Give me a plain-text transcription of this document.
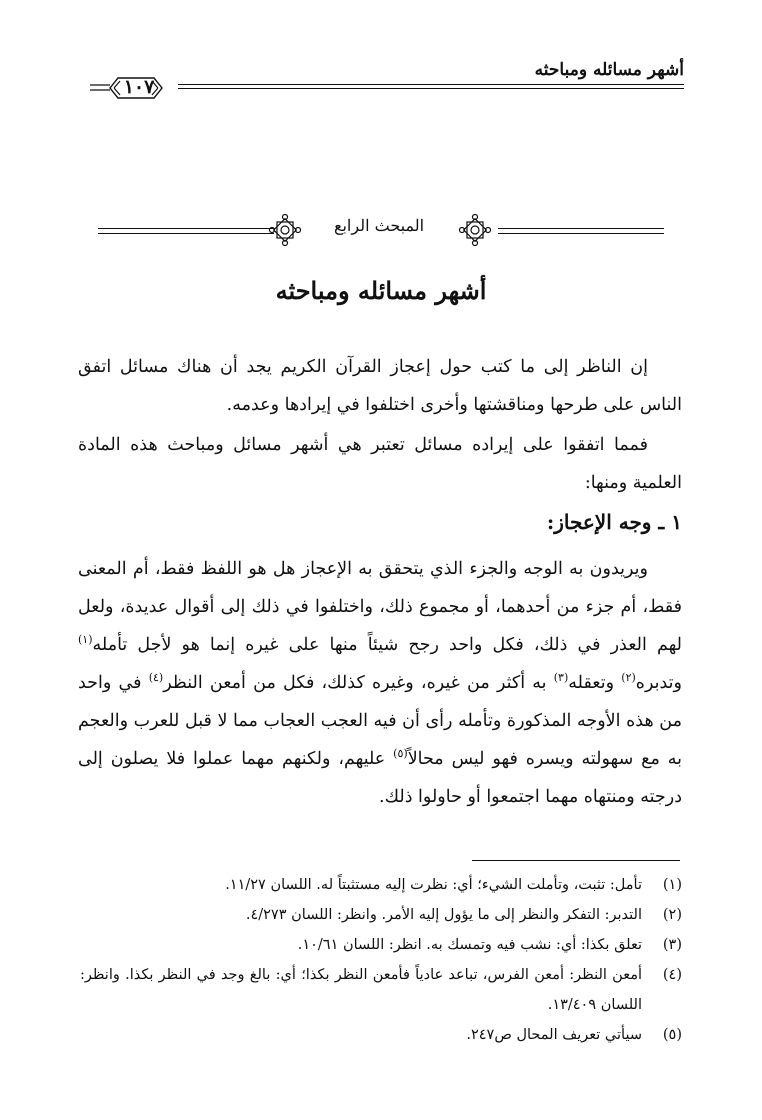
أشهر مسائله ومباحثه
١٠٧
المبحث الرابع
أشهر مسائله ومباحثه

إن الناظر إلى ما كتب حول إعجاز القرآن الكريم يجد أن هناك مسائل اتفق الناس على طرحها ومناقشتها وأخرى اختلفوا في إيرادها وعدمه.

فمما اتفقوا على إيراده مسائل تعتبر هي أشهر مسائل ومباحث هذه المادة العلمية ومنها:

١ ـ وجه الإعجاز:

ويريدون به الوجه والجزء الذي يتحقق به الإعجاز هل هو اللفظ فقط، أم المعنى فقط، أم جزء من أحدهما، أو مجموع ذلك، واختلفوا في ذلك إلى أقوال عديدة، ولعل لهم العذر في ذلك، فكل واحد رجح شيئاً منها على غيره إنما هو لأجل تأمله$^{(١)}$ وتدبره$^{(٢)}$ وتعقله$^{(٣)}$ به أكثر من غيره، وغيره كذلك، فكل من أمعن النظر$^{(٤)}$ في واحد من هذه الأوجه المذكورة وتأمله رأى أن فيه العجب العجاب مما لا قبل للعرب والعجم به مع سهولته ويسره فهو ليس محالاً$^{(٥)}$ عليهم، ولكنهم مهما عملوا فلا يصلون إلى درجته ومنتهاه مهما اجتمعوا أو حاولوا ذلك.

(١)
تأمل: تثبت، وتأملت الشيء؛ أي: نظرت إليه مستثبتاً له. اللسان ١١/٢٧.
(٢)
التدبر: التفكر والنظر إلى ما يؤول إليه الأمر. وانظر: اللسان ٤/٢٧٣.
(٣)
تعلق بكذا: أي: نشب فيه وتمسك به. انظر: اللسان ١٠/٦١.
(٤)
أمعن النظر: أمعن الفرس، تباعد عادياً فأمعن النظر بكذا؛ أي: بالغ وجد في النظر بكذا. وانظر: اللسان ١٣/٤٠٩.
(٥)
سيأتي تعريف المحال ص٢٤٧.
